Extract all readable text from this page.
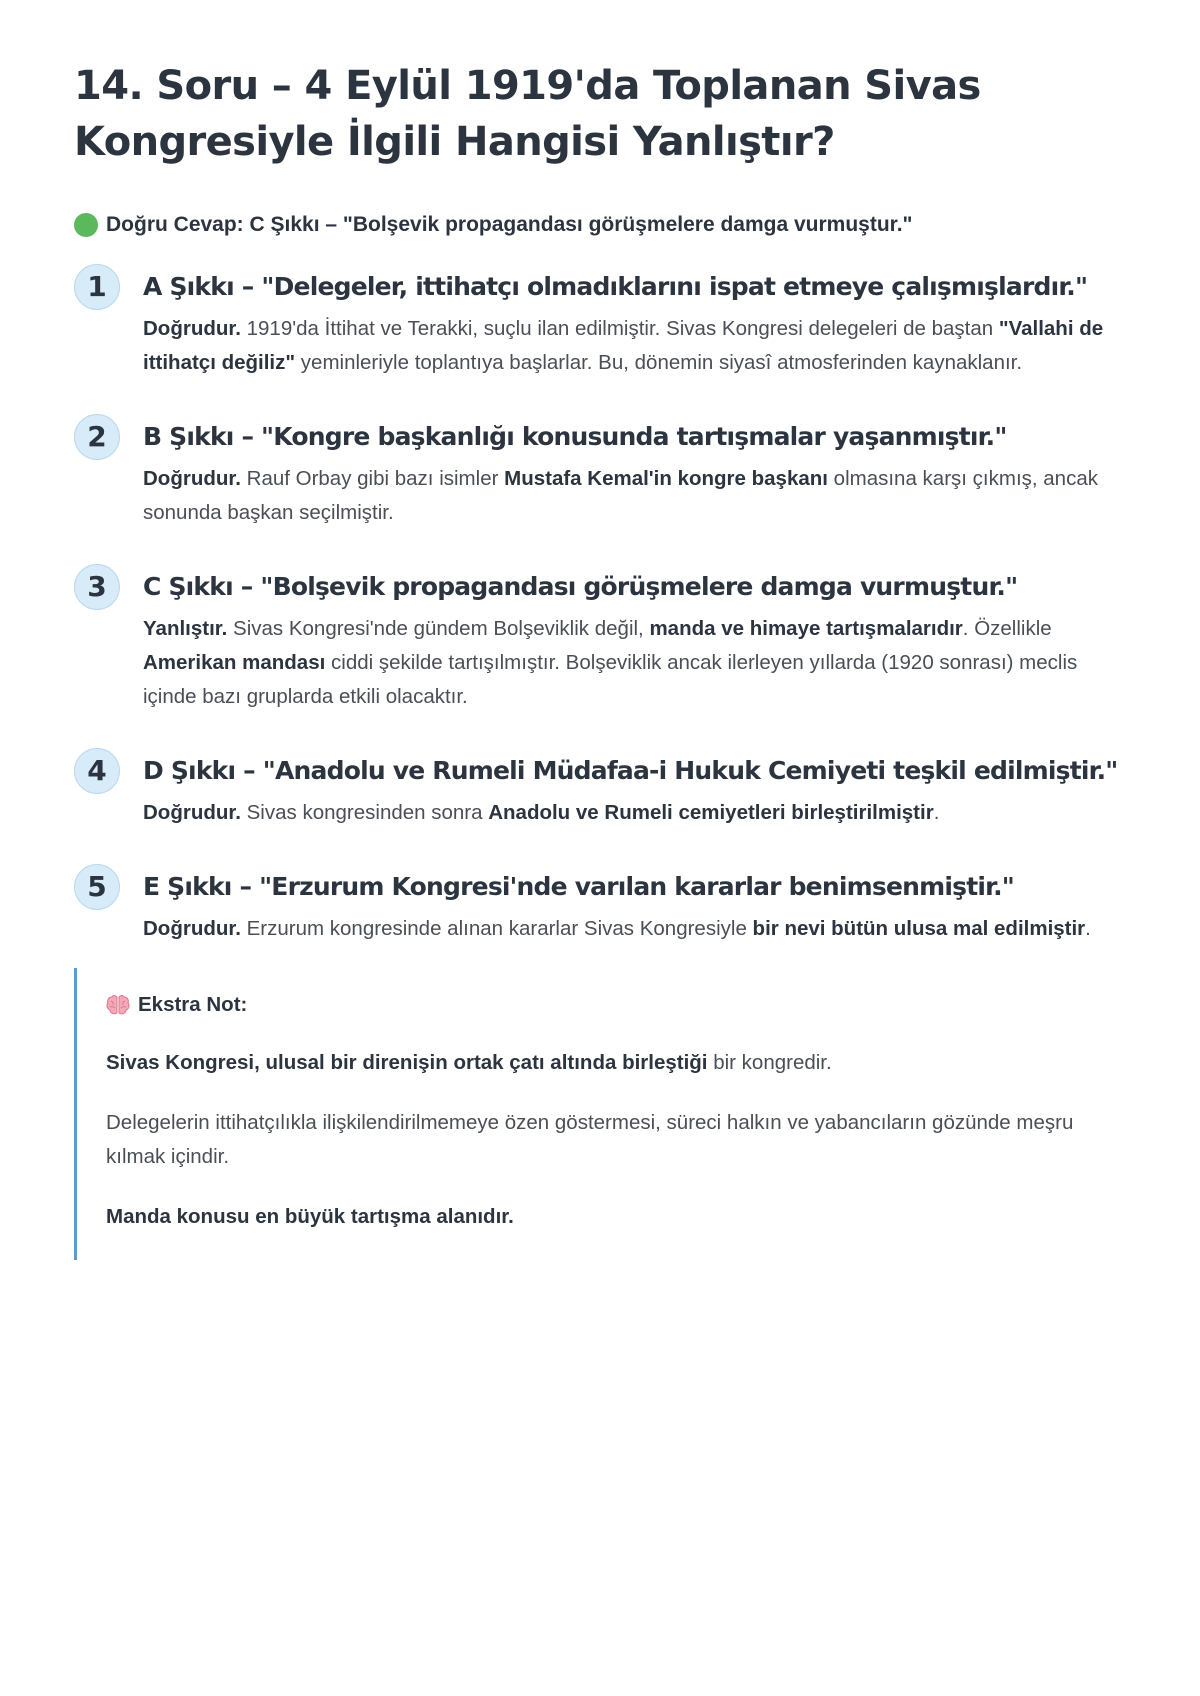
14. Soru – 4 Eylül 1919'da Toplanan Sivas Kongresiyle İlgili Hangisi Yanlıştır?
Doğru Cevap: C Şıkkı – "Bolşevik propagandası görüşmelere damga vurmuştur."
1	A Şıkkı – "Delegeler, ittihatçı olmadıklarını ispat etmeye çalışmışlardır."
Doğrudur. 1919'da İttihat ve Terakki, suçlu ilan edilmiştir. Sivas Kongresi delegeleri de baştan "Vallahi de ittihatçı değiliz" yeminleriyle toplantıya başlarlar. Bu, dönemin siyasî atmosferinden kaynaklanır.
2	B Şıkkı – "Kongre başkanlığı konusunda tartışmalar yaşanmıştır."
Doğrudur. Rauf Orbay gibi bazı isimler Mustafa Kemal'in kongre başkanı olmasına karşı çıkmış, ancak sonunda başkan seçilmiştir.
3	C Şıkkı – "Bolşevik propagandası görüşmelere damga vurmuştur."
Yanlıştır. Sivas Kongresi'nde gündem Bolşeviklik değil, manda ve himaye tartışmalarıdır. Özellikle Amerikan mandası ciddi şekilde tartışılmıştır. Bolşeviklik ancak ilerleyen yıllarda (1920 sonrası) meclis içinde bazı gruplarda etkili olacaktır.
4	D Şıkkı – "Anadolu ve Rumeli Müdafaa-i Hukuk Cemiyeti teşkil edilmiştir."
Doğrudur. Sivas kongresinden sonra Anadolu ve Rumeli cemiyetleri birleştirilmiştir.
5	E Şıkkı – "Erzurum Kongresi'nde varılan kararlar benimsenmiştir."
Doğrudur. Erzurum kongresinde alınan kararlar Sivas Kongresiyle bir nevi bütün ulusa mal edilmiştir.
Ekstra Not:

Sivas Kongresi, ulusal bir direnişin ortak çatı altında birleştiği bir kongredir.

Delegelerin ittihatçılıkla ilişkilendirilmemeye özen göstermesi, süreci halkın ve yabancıların gözünde meşru kılmak içindir.

Manda konusu en büyük tartışma alanıdır.
